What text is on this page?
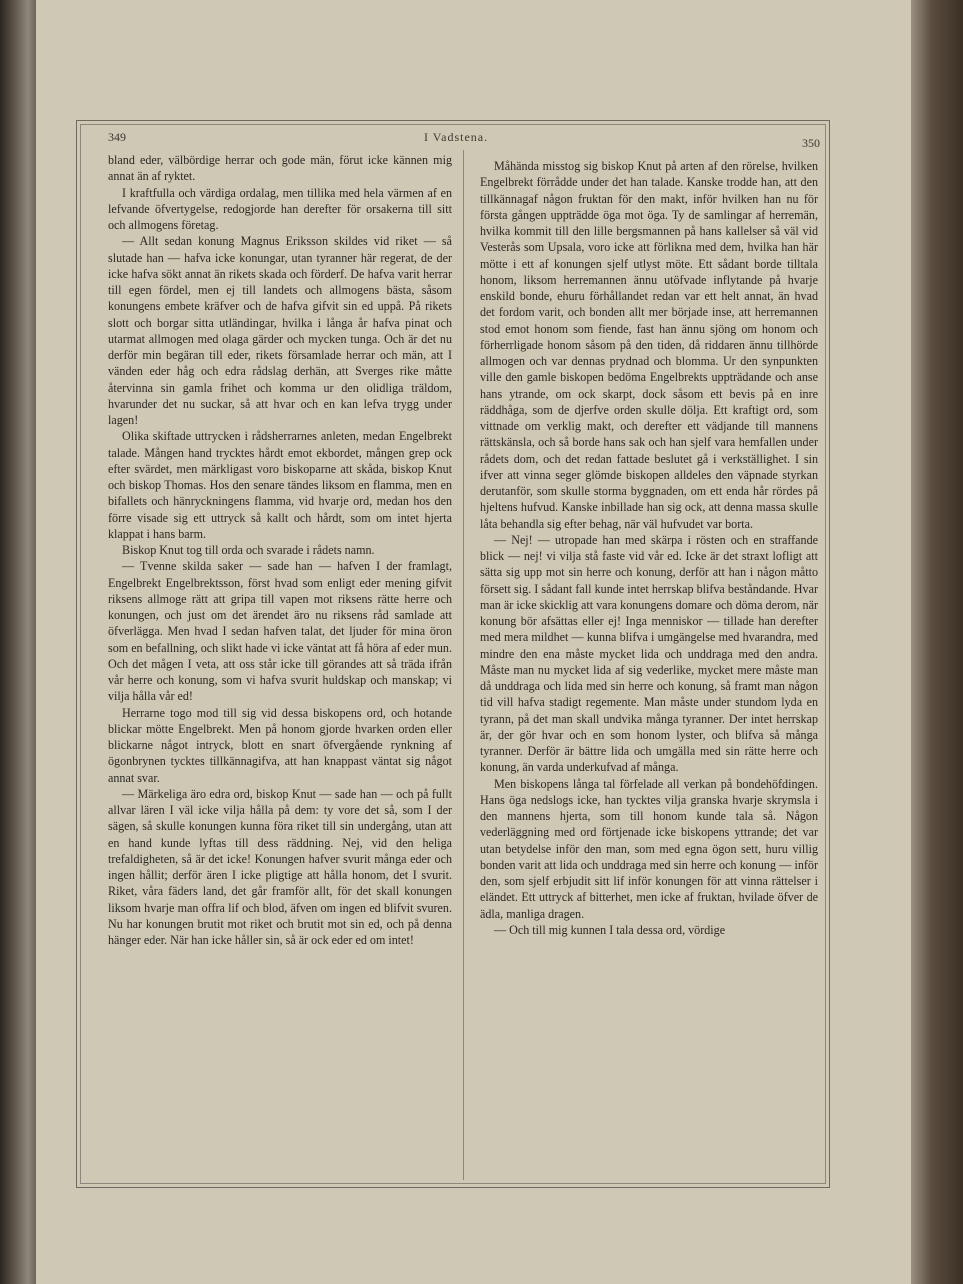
349	I Vadstena.	350

bland eder, välbördige herrar och gode män, förut icke kännen mig annat än af ryktet.

I kraftfulla och värdiga ordalag, men tillika med hela värmen af en lefvande öfvertygelse, redogjorde han derefter för orsakerna till sitt och allmogens företag.

— Allt sedan konung Magnus Eriksson skildes vid riket — så slutade han — hafva icke konungar, utan tyranner här regerat, de der icke hafva sökt annat än rikets skada och förderf. De hafva varit herrar till egen fördel, men ej till landets och allmogens bästa, såsom konungens embete kräfver och de hafva gifvit sin ed uppå. På rikets slott och borgar sitta utländingar, hvilka i långa år hafva pinat och utarmat allmogen med olaga gärder och mycken tunga. Och är det nu derför min begäran till eder, rikets församlade herrar och män, att I vänden eder håg och edra rådslag derhän, att Sverges rike måtte återvinna sin gamla frihet och komma ur den olidliga träldom, hvarunder det nu suckar, så att hvar och en kan lefva trygg under lagen!

Olika skiftade uttrycken i rådsherrarnes anleten, medan Engelbrekt talade. Mången hand trycktes hårdt emot ekbordet, mången grep ock efter svärdet, men märkligast voro biskoparne att skåda, biskop Knut och biskop Thomas. Hos den senare tändes liksom en flamma, men en bifallets och hänryckningens flamma, vid hvarje ord, medan hos den förre visade sig ett uttryck så kallt och hårdt, som om intet hjerta klappat i hans barm.

Biskop Knut tog till orda och svarade i rådets namn.

— Tvenne skilda saker — sade han — hafven I der framlagt, Engelbrekt Engelbrektsson, först hvad som enligt eder mening gifvit riksens allmoge rätt att gripa till vapen mot riksens rätte herre och konungen, och just om det ärendet äro nu riksens råd samlade att öfverlägga. Men hvad I sedan hafven talat, det ljuder för mina öron som en befallning, och slikt hade vi icke väntat att få höra af eder mun. Och det mågen I veta, att oss står icke till görandes att så träda ifrån vår herre och konung, som vi hafva svurit huldskap och manskap; vi vilja hålla vår ed!

Herrarne togo mod till sig vid dessa biskopens ord, och hotande blickar mötte Engelbrekt. Men på honom gjorde hvarken orden eller blickarne något intryck, blott en snart öfvergående rynkning af ögonbrynen tycktes tillkännagifva, att han knappast väntat sig något annat svar.

— Märkeliga äro edra ord, biskop Knut — sade han — och på fullt allvar lären I väl icke vilja hålla på dem: ty vore det så, som I der sägen, så skulle konungen kunna föra riket till sin undergång, utan att en hand kunde lyftas till dess räddning. Nej, vid den heliga trefaldigheten, så är det icke! Konungen hafver svurit många eder och ingen hållit; derför ären I icke pligtige att hålla honom, det I svurit. Riket, våra fäders land, det går framför allt, för det skall konungen liksom hvarje man offra lif och blod, äfven om ingen ed blifvit svuren. Nu har konungen brutit mot riket och brutit mot sin ed, och på denna hänger eder. När han icke håller sin, så är ock eder ed om intet!

Måhända misstog sig biskop Knut på arten af den rörelse, hvilken Engelbrekt förrådde under det han talade. Kanske trodde han, att den tillkännagaf någon fruktan för den makt, inför hvilken han nu för första gången uppträdde öga mot öga. Ty de samlingar af herremän, hvilka kommit till den lille bergsmannen på hans kallelser så väl vid Vesterås som Upsala, voro icke att förlikna med dem, hvilka han här mötte i ett af konungen sjelf utlyst möte. Ett sådant borde tilltala honom, liksom herremannen ännu utöfvade inflytande på hvarje enskild bonde, ehuru förhållandet redan var ett helt annat, än hvad det fordom varit, och bonden allt mer började inse, att herremannen stod emot honom som fiende, fast han ännu sjöng om honom och förherrligade honom såsom på den tiden, då riddaren ännu tillhörde allmogen och var dennas prydnad och blomma. Ur den synpunkten ville den gamle biskopen bedöma Engelbrekts uppträdande och anse hans ytrande, om ock skarpt, dock såsom ett bevis på en inre räddhåga, som de djerfve orden skulle dölja. Ett kraftigt ord, som vittnade om verklig makt, och derefter ett vädjande till mannens rättskänsla, och så borde hans sak och han sjelf vara hemfallen under rådets dom, och det redan fattade beslutet gå i verkställighet. I sin ifver att vinna seger glömde biskopen alldeles den väpnade styrkan derutanför, som skulle storma byggnaden, om ett enda hår rördes på hjeltens hufvud. Kanske inbillade han sig ock, att denna massa skulle låta behandla sig efter behag, när väl hufvudet var borta.

— Nej! — utropade han med skärpa i rösten och en straffande blick — nej! vi vilja stå faste vid vår ed. Icke är det straxt lofligt att sätta sig upp mot sin herre och konung, derför att han i någon måtto försett sig. I sådant fall kunde intet herrskap blifva beståndande. Hvar man är icke skicklig att vara konungens domare och döma derom, när konung bör afsättas eller ej! Inga menniskor — tillade han derefter med mera mildhet — kunna blifva i umgängelse med hvarandra, med mindre den ena måste mycket lida och unddraga med den andra. Måste man nu mycket lida af sig vederlike, mycket mere måste man då unddraga och lida med sin herre och konung, så framt man någon tid vill hafva stadigt regemente. Man måste under stundom lyda en tyrann, på det man skall undvika många tyranner. Der intet herrskap är, der gör hvar och en som honom lyster, och blifva så många tyranner. Derför är bättre lida och umgälla med sin rätte herre och konung, än varda underkufvad af många.

Men biskopens långa tal förfelade all verkan på bondehöfdingen. Hans öga nedslogs icke, han tycktes vilja granska hvarje skrymsla i den mannens hjerta, som till honom kunde tala så. Någon vederläggning med ord förtjenade icke biskopens yttrande; det var utan betydelse inför den man, som med egna ögon sett, huru villig bonden varit att lida och unddraga med sin herre och konung — inför den, som sjelf erbjudit sitt lif inför konungen för att vinna rättelser i eländet. Ett uttryck af bitterhet, men icke af fruktan, hvilade öfver de ädla, manliga dragen.

— Och till mig kunnen I tala dessa ord, vördige
